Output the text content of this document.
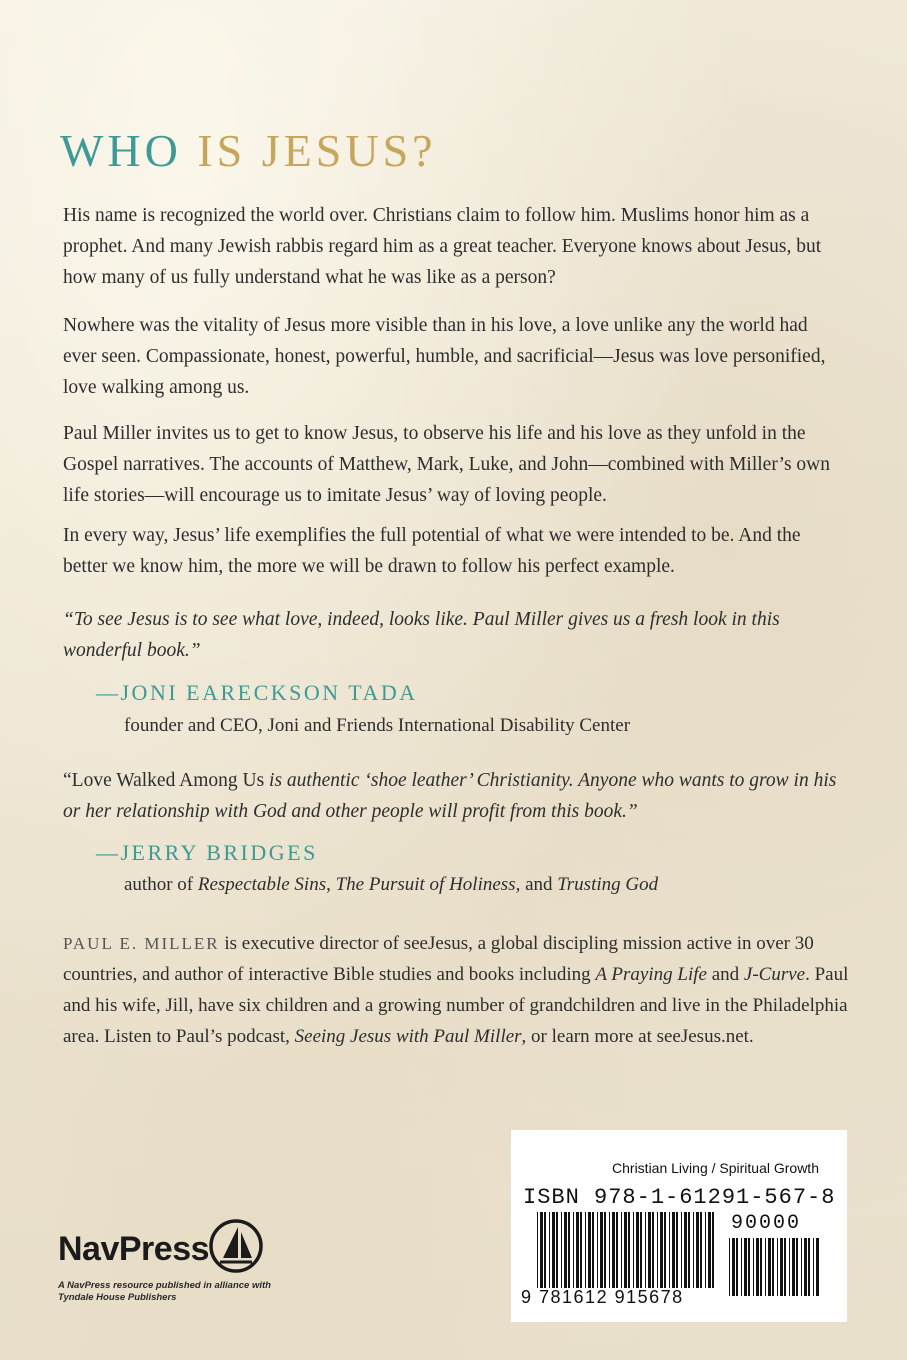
WHO IS JESUS?
His name is recognized the world over. Christians claim to follow him. Muslims honor him as a prophet. And many Jewish rabbis regard him as a great teacher. Everyone knows about Jesus, but how many of us fully understand what he was like as a person?
Nowhere was the vitality of Jesus more visible than in his love, a love unlike any the world had ever seen. Compassionate, honest, powerful, humble, and sacrificial—Jesus was love personified, love walking among us.
Paul Miller invites us to get to know Jesus, to observe his life and his love as they unfold in the Gospel narratives. The accounts of Matthew, Mark, Luke, and John—combined with Miller’s own life stories—will encourage us to imitate Jesus’ way of loving people.
In every way, Jesus’ life exemplifies the full potential of what we were intended to be. And the better we know him, the more we will be drawn to follow his perfect example.
“To see Jesus is to see what love, indeed, looks like. Paul Miller gives us a fresh look in this wonderful book.”
—JONI EARECKSON TADA
founder and CEO, Joni and Friends International Disability Center
“Love Walked Among Us is authentic ‘shoe leather’ Christianity. Anyone who wants to grow in his or her relationship with God and other people will profit from this book.”
—JERRY BRIDGES
author of Respectable Sins, The Pursuit of Holiness, and Trusting God
PAUL E. MILLER is executive director of seeJesus, a global discipling mission active in over 30 countries, and author of interactive Bible studies and books including A Praying Life and J-Curve. Paul and his wife, Jill, have six children and a growing number of grandchildren and live in the Philadelphia area. Listen to Paul’s podcast, Seeing Jesus with Paul Miller, or learn more at seeJesus.net.
NavPress
A NavPress resource published in alliance with Tyndale House Publishers
Christian Living / Spiritual Growth
ISBN 978-1-61291-567-8
90000
9 781612 915678
